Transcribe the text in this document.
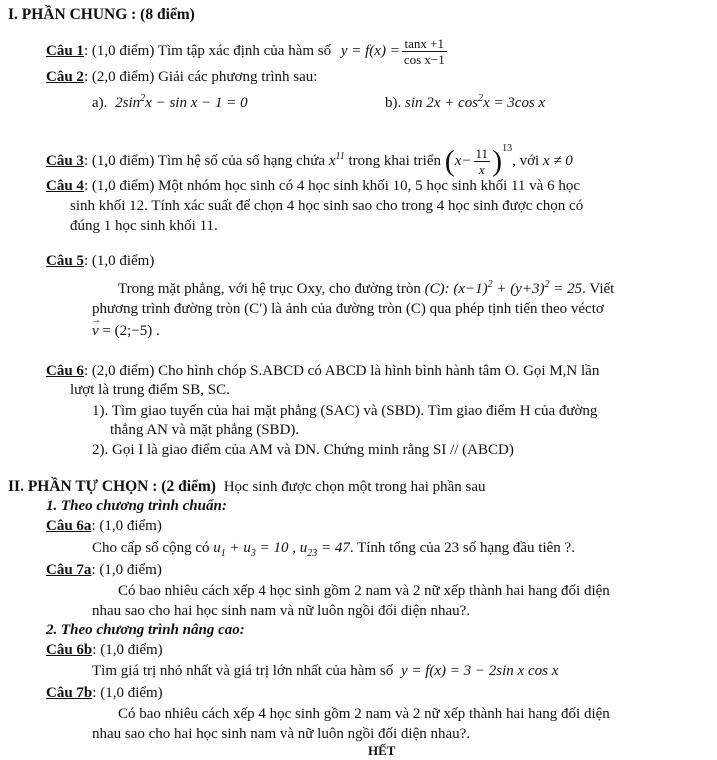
I. PHẦN CHUNG : (8 điểm)
Câu 1: (1,0 điểm) Tìm tập xác định của hàm số $y = f(x) = \frac{\tan x +1}{\text{cos x−1}}$
Câu 2: (2,0 điểm) Giải các phương trình sau:
a). $2\sin^2x - \sin x - 1 = 0$	b). $\sin 2x + \cos^2x = 3\cos$ x
Câu 3: (1,0 điểm) Tìm hệ số của số hạng chứa $x^{11}$ trong khai triển $(x- \frac{11}{x} )^{13}$, với x ≠ 0
Câu 4: (1,0 điểm) Một nhóm học sinh có 4 học sinh khối 10, 5 học sinh khối 11 và 6 học
sinh khối 12. Tính xác suất để chọn 4 học sinh sao cho trong 4 học sinh được chọn có
đúng 1 học sinh khối 11.
Câu 5: (1,0 điểm)
Trong mặt phẳng, với hệ trục Oxy, cho đường tròn (C): $(x-1)^2 + (y+3)^2 = 25$. Viết
phương trình đường tròn (C′) là ảnh của đường tròn (C) qua phép tịnh tiến theo véctơ
→ v = (2;−5) .
Câu 6: (2,0 điểm) Cho hình chóp S.ABCD có ABCD là hình bình hành tâm O. Gọi M,N lần
lượt là trung điểm SB, SC.
1). Tìm giao tuyến của hai mặt phẳng (SAC) và (SBD). Tìm giao điểm H của đường
thẳng AN và mặt phẳng (SBD).
2). Gọi I là giao điểm của AM và DN. Chứng minh rằng SI // (ABCD)
II. PHẦN TỰ CHỌN : (2 điểm) Học sinh được chọn một trong hai phần sau
1. Theo chương trình chuẩn:
Câu 6a: (1,0 điểm)
Cho cấp số cộng có $u_1 + u_3 = 10$ , $u_{23} = 47$. Tính tổng của 23 số hạng đầu tiên ?.
Câu 7a: (1,0 điểm)
Có bao nhiêu cách xếp 4 học sinh gồm 2 nam và 2 nữ xếp thành hai hang đối diện
nhau sao cho hai học sinh nam và nữ luôn ngồi đối diện nhau?.
2. Theo chương trình nâng cao:
Câu 6b: (1,0 điểm)
Tìm giá trị nhỏ nhất và giá trị lớn nhất của hàm số y = f(x) = 3 − 2sin x cos x
Câu 7b: (1,0 điểm)
Có bao nhiêu cách xếp 4 học sinh gồm 2 nam và 2 nữ xếp thành hai hang đối diện
nhau sao cho hai học sinh nam và nữ luôn ngồi đối diện nhau?.
HẾT
